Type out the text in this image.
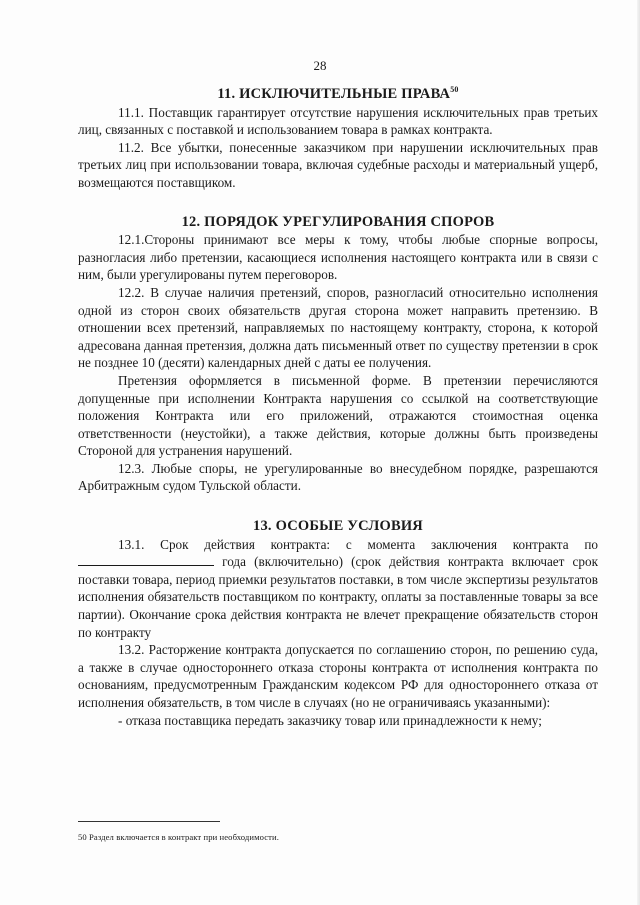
28
11. ИСКЛЮЧИТЕЛЬНЫЕ ПРАВА$^{50}$

11.1. Поставщик гарантирует отсутствие нарушения исключительных прав третьих лиц, связанных с поставкой и использованием товара в рамках контракта.

11.2. Все убытки, понесенные заказчиком при нарушении исключительных прав третьих лиц при использовании товара, включая судебные расходы и материальный ущерб, возмещаются поставщиком.

12. ПОРЯДОК УРЕГУЛИРОВАНИЯ СПОРОВ

12.1.Стороны принимают все меры к тому, чтобы любые спорные вопросы, разногласия либо претензии, касающиеся исполнения настоящего контракта или в связи с ним, были урегулированы путем переговоров.

12.2. В случае наличия претензий, споров, разногласий относительно исполнения одной из сторон своих обязательств другая сторона может направить претензию. В отношении всех претензий, направляемых по настоящему контракту, сторона, к которой адресована данная претензия, должна дать письменный ответ по существу претензии в срок не позднее 10 (десяти) календарных дней с даты ее получения.

Претензия оформляется в письменной форме. В претензии перечисляются допущенные при исполнении Контракта нарушения со ссылкой на соответствующие положения Контракта или его приложений, отражаются стоимостная оценка ответственности (неустойки), а также действия, которые должны быть произведены Стороной для устранения нарушений.

12.3. Любые споры, не урегулированные во внесудебном порядке, разрешаются Арбитражным судом Тульской области.

13. ОСОБЫЕ УСЛОВИЯ

13.1. Срок действия контракта: с момента заключения контракта по  года (включительно) (срок действия контракта включает срок поставки товара, период приемки результатов поставки, в том числе экспертизы результатов исполнения обязательств поставщиком по контракту, оплаты за поставленные товары за все партии). Окончание срока действия контракта не влечет прекращение обязательств сторон по контракту

13.2. Расторжение контракта допускается по соглашению сторон, по решению суда, а также в случае одностороннего отказа стороны контракта от исполнения контракта по основаниям, предусмотренным Гражданским кодексом РФ для одностороннего отказа от исполнения обязательств, в том числе в случаях (но не ограничиваясь указанными):

- отказа поставщика передать заказчику товар или принадлежности к нему;

50 Раздел включается в контракт при необходимости.
